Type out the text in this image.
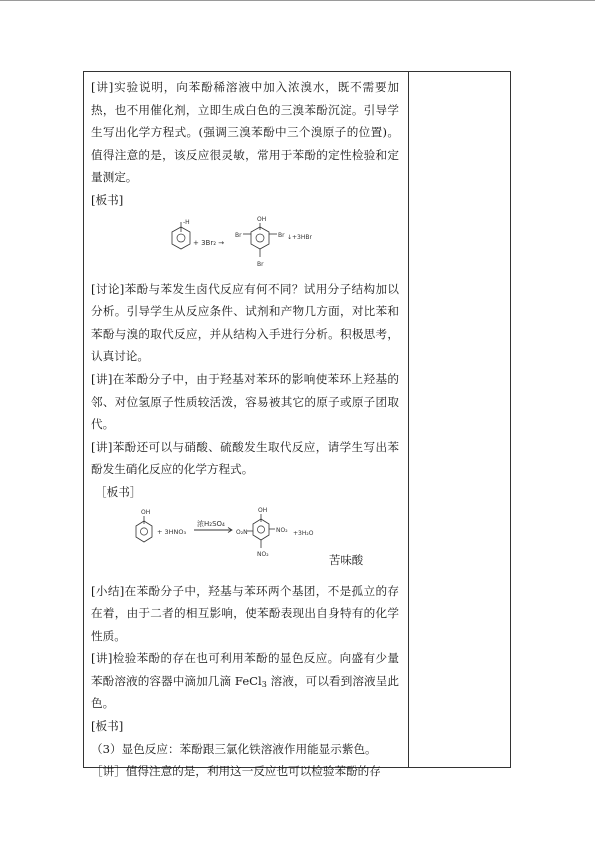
[讲]实验说明，向苯酚稀溶液中加入浓溴水，既不需要加热，也不用催化剂，立即生成白色的三溴苯酚沉淀。引导学生写出化学方程式。(强调三溴苯酚中三个溴原子的位置)。值得注意的是，该反应很灵敏，常用于苯酚的定性检验和定量测定。

[板书]

-H
+ 3Br₂ →
OH
Br	Br
Br
↓+3HBr

[讨论]苯酚与苯发生卤代反应有何不同？试用分子结构加以分析。引导学生从反应条件、试剂和产物几方面，对比苯和苯酚与溴的取代反应，并从结构入手进行分析。积极思考，认真讨论。

[讲]在苯酚分子中，由于羟基对苯环的影响使苯环上羟基的邻、对位氢原子性质较活泼，容易被其它的原子或原子团取代。

[讲]苯酚还可以与硝酸、硫酸发生取代反应，请学生写出苯酚发生硝化反应的化学方程式。

［板书］

OH
+ 3HNO₃
浓H₂SO₄
OH
O₂N	NO₂ +3H₂O
NO₂	苦味酸

[小结]在苯酚分子中，羟基与苯环两个基团，不是孤立的存在着，由于二者的相互影响，使苯酚表现出自身特有的化学性质。

[讲]检验苯酚的存在也可利用苯酚的显色反应。向盛有少量苯酚溶液的容器中滴加几滴 FeCl$_3$ 溶液，可以看到溶液呈此色。

[板书]

（3）显色反应：苯酚跟三氯化铁溶液作用能显示紫色。

［讲］值得注意的是，利用这一反应也可以检验苯酚的存
